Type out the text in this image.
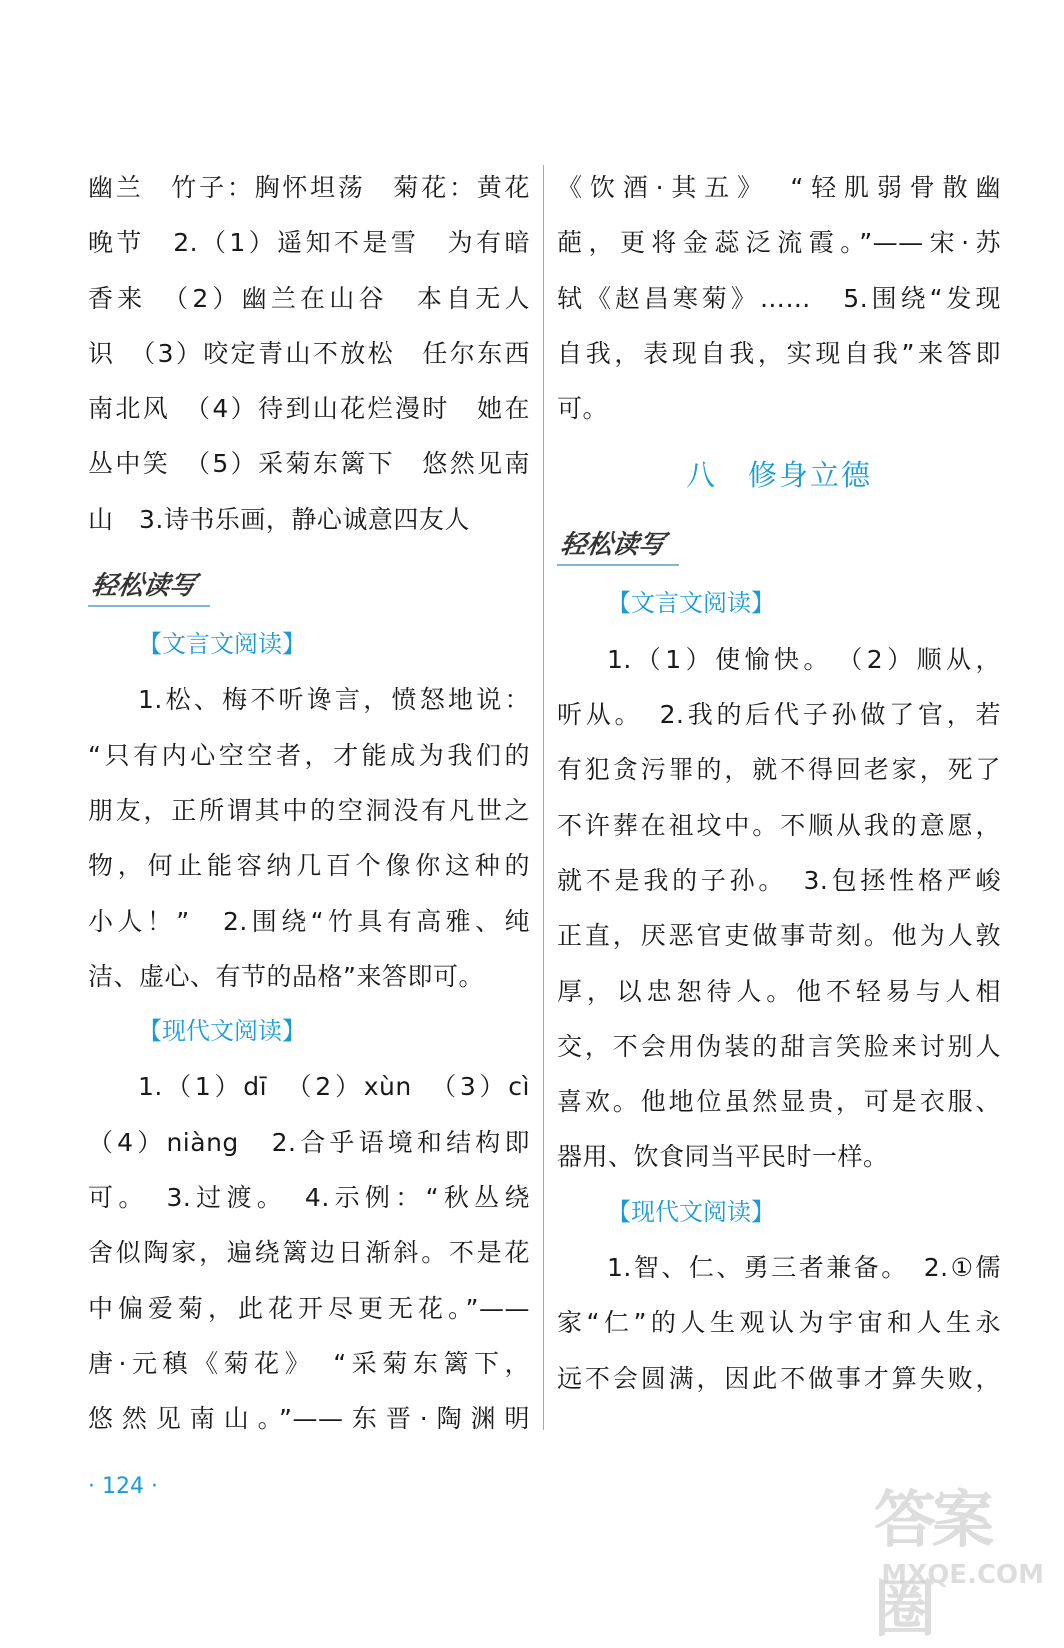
幽兰　竹子：胸怀坦荡　菊花：黄花
晚节　2.（1）遥知不是雪　为有暗
香来　（2）幽兰在山谷　本自无人
识　（3）咬定青山不放松　任尔东西
南北风　（4）待到山花烂漫时　她在
丛中笑　（5）采菊东篱下　悠然见南
山　3.诗书乐画，静心诚意四友人
轻松读写
【文言文阅读】
1.松、梅不听谗言，愤怒地说：
“只有内心空空者，才能成为我们的
朋友，正所谓其中的空洞没有凡世之
物，何止能容纳几百个像你这种的
小人！”　2.围绕“竹具有高雅、纯
洁、虚心、有节的品格”来答即可。
【现代文阅读】
1.（1）dī　（2）xùn　（3）cì
（4）niàng　2.合乎语境和结构即
可。　3.过渡。　4.示例：“秋丛绕
舍似陶家，遍绕篱边日渐斜。不是花
中偏爱菊，此花开尽更无花。”——
唐·元稹《菊花》　“采菊东篱下，
悠然见南山。”——东晋·陶渊明
《饮酒·其五》　“轻肌弱骨散幽
葩，更将金蕊泛流霞。”——宋·苏
轼《赵昌寒菊》……　5.围绕“发现
自我，表现自我，实现自我”来答即
可。
八　修身立德
轻松读写
【文言文阅读】
1.（1）使愉快。　（2）顺从，
听从。　2.我的后代子孙做了官，若
有犯贪污罪的，就不得回老家，死了
不许葬在祖坟中。不顺从我的意愿，
就不是我的子孙。　3.包拯性格严峻
正直，厌恶官吏做事苛刻。他为人敦
厚，以忠恕待人。他不轻易与人相
交，不会用伪装的甜言笑脸来讨别人
喜欢。他地位虽然显贵，可是衣服、
器用、饮食同当平民时一样。
【现代文阅读】
1.智、仁、勇三者兼备。　2.①儒
家“仁”的人生观认为宇宙和人生永
远不会圆满，因此不做事才算失败，
· 124 ·	答案圈
MXQE.COM
